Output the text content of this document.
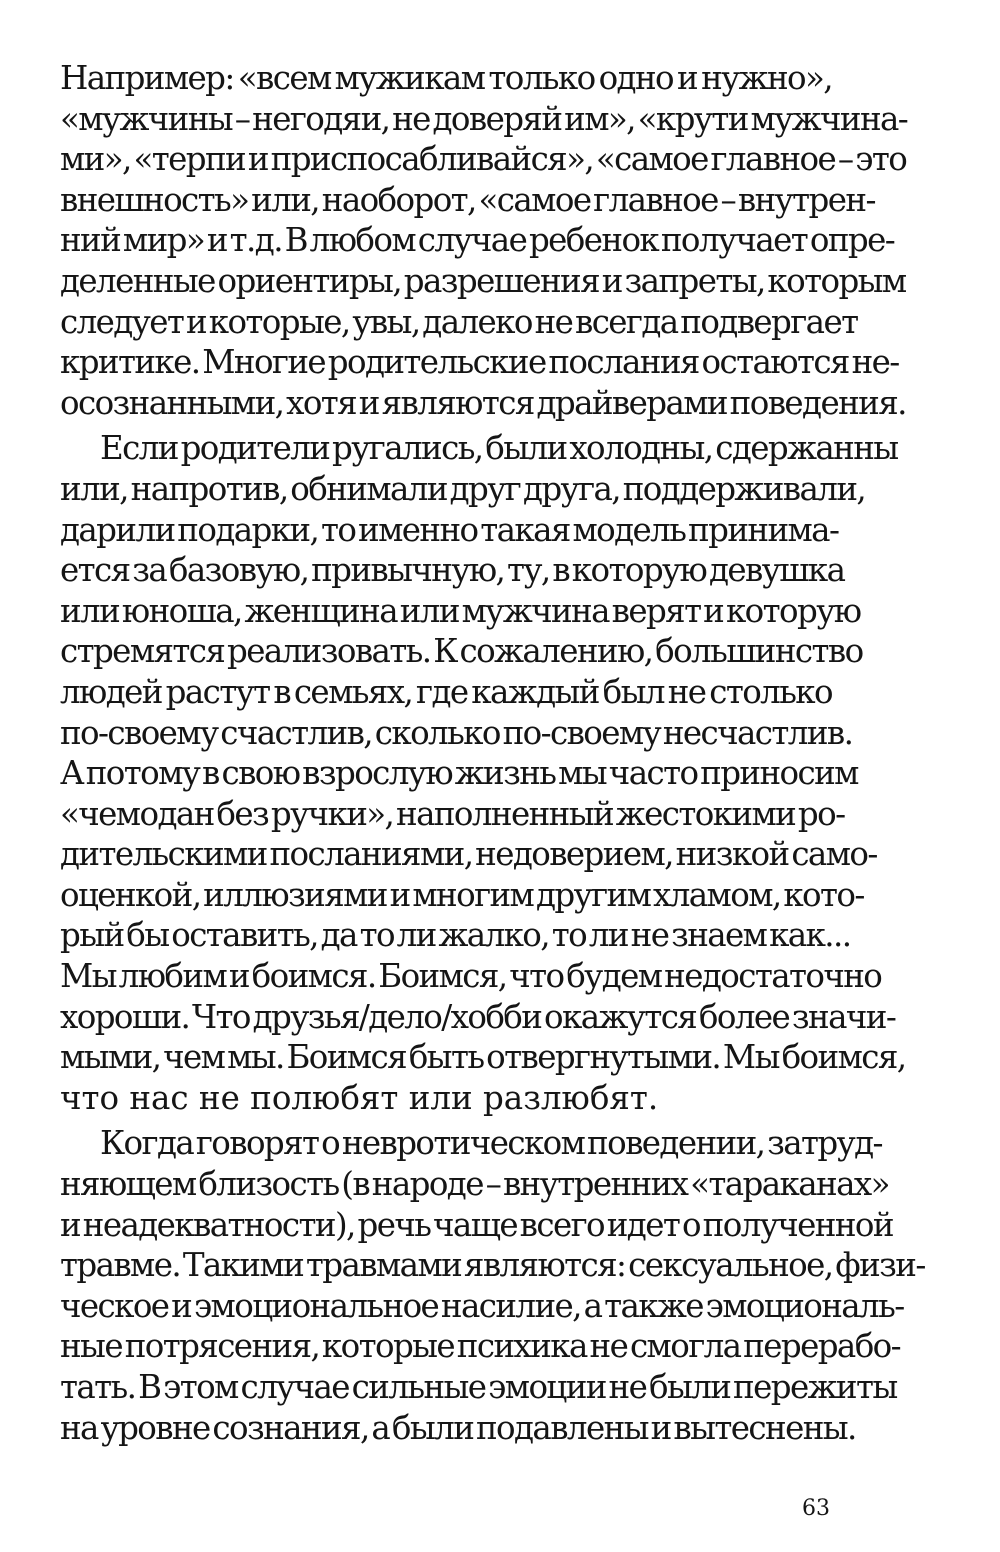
Например: «всем мужикам только одно и нужно»,
«мужчины – негодяи, не доверяй им», «крути мужчина-
ми», «терпи и приспосабливайся», «самое главное – это
внешность» или, наоборот, «самое главное – внутрен-
ний мир» и т.д. В любом случае ребенок получает опре-
деленные ориентиры, разрешения и запреты, которым
следует и которые, увы, далеко не всегда подвергает
критике. Многие родительские послания остаются не-
осознанными, хотя и являются драйверами поведения.

Если родители ругались, были холодны, сдержанны
или, напротив, обнимали друг друга, поддерживали,
дарили подарки, то именно такая модель принима-
ется за базовую, привычную, ту, в которую девушка
или юноша, женщина или мужчина верят и которую
стремятся реализовать. К сожалению, большинство
людей растут в семьях, где каждый был не столько
по-своему счастлив, сколько по-своему несчастлив.
А потому в свою взрослую жизнь мы часто приносим
«чемодан без ручки», наполненный жестокими ро-
дительскими посланиями, недоверием, низкой само-
оценкой, иллюзиями и многим другим хламом, кото-
рый бы оставить, да то ли жалко, то ли не знаем как...
Мы любим и боимся. Боимся, что будем недостаточно
хороши. Что друзья/дело/хобби окажутся более значи-
мыми, чем мы. Боимся быть отвергнутыми. Мы боимся,
что нас не полюбят или разлюбят.

Когда говорят о невротическом поведении, затруд-
няющем близость (в народе – внутренних «тараканах»
и неадекватности), речь чаще всего идет о полученной
травме. Такими травмами являются: сексуальное, физи-
ческое и эмоциональное насилие, а также эмоциональ-
ные потрясения, которые психика не смогла перерабо-
тать. В этом случае сильные эмоции не были пережиты
на уровне сознания, а были подавлены и вытеснены.

63
